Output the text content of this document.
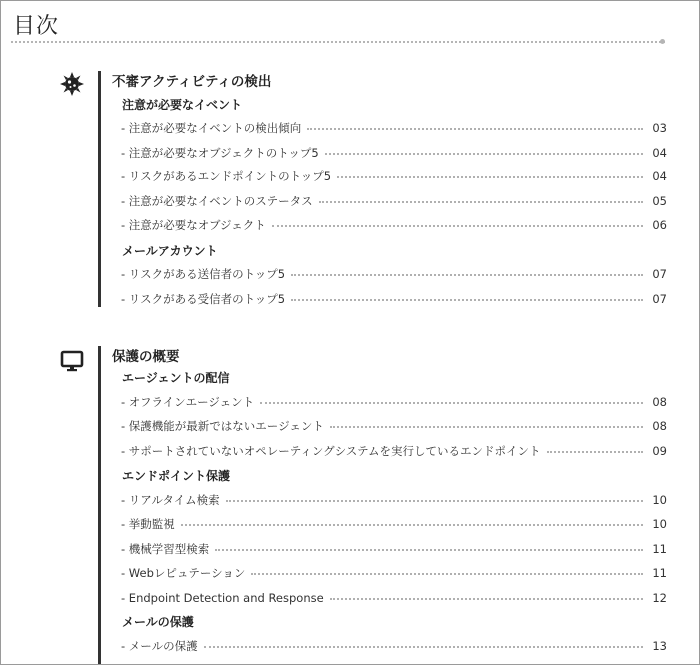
目次
不審アクティビティの検出
注意が必要なイベント
- 注意が必要なイベントの検出傾向	03
- 注意が必要なオブジェクトのトップ5	04
- リスクがあるエンドポイントのトップ5	04
- 注意が必要なイベントのステータス	05
- 注意が必要なオブジェクト	06
メールアカウント
- リスクがある送信者のトップ5	07
- リスクがある受信者のトップ5	07
保護の概要
エージェントの配信
- オフラインエージェント	08
- 保護機能が最新ではないエージェント	08
- サポートされていないオペレーティングシステムを実行しているエンドポイント	09
エンドポイント保護
- リアルタイム検索	10
- 挙動監視	10
- 機械学習型検索	11
- Webレピュテーション	11
- Endpoint Detection and Response	12
メールの保護
- メールの保護	13
